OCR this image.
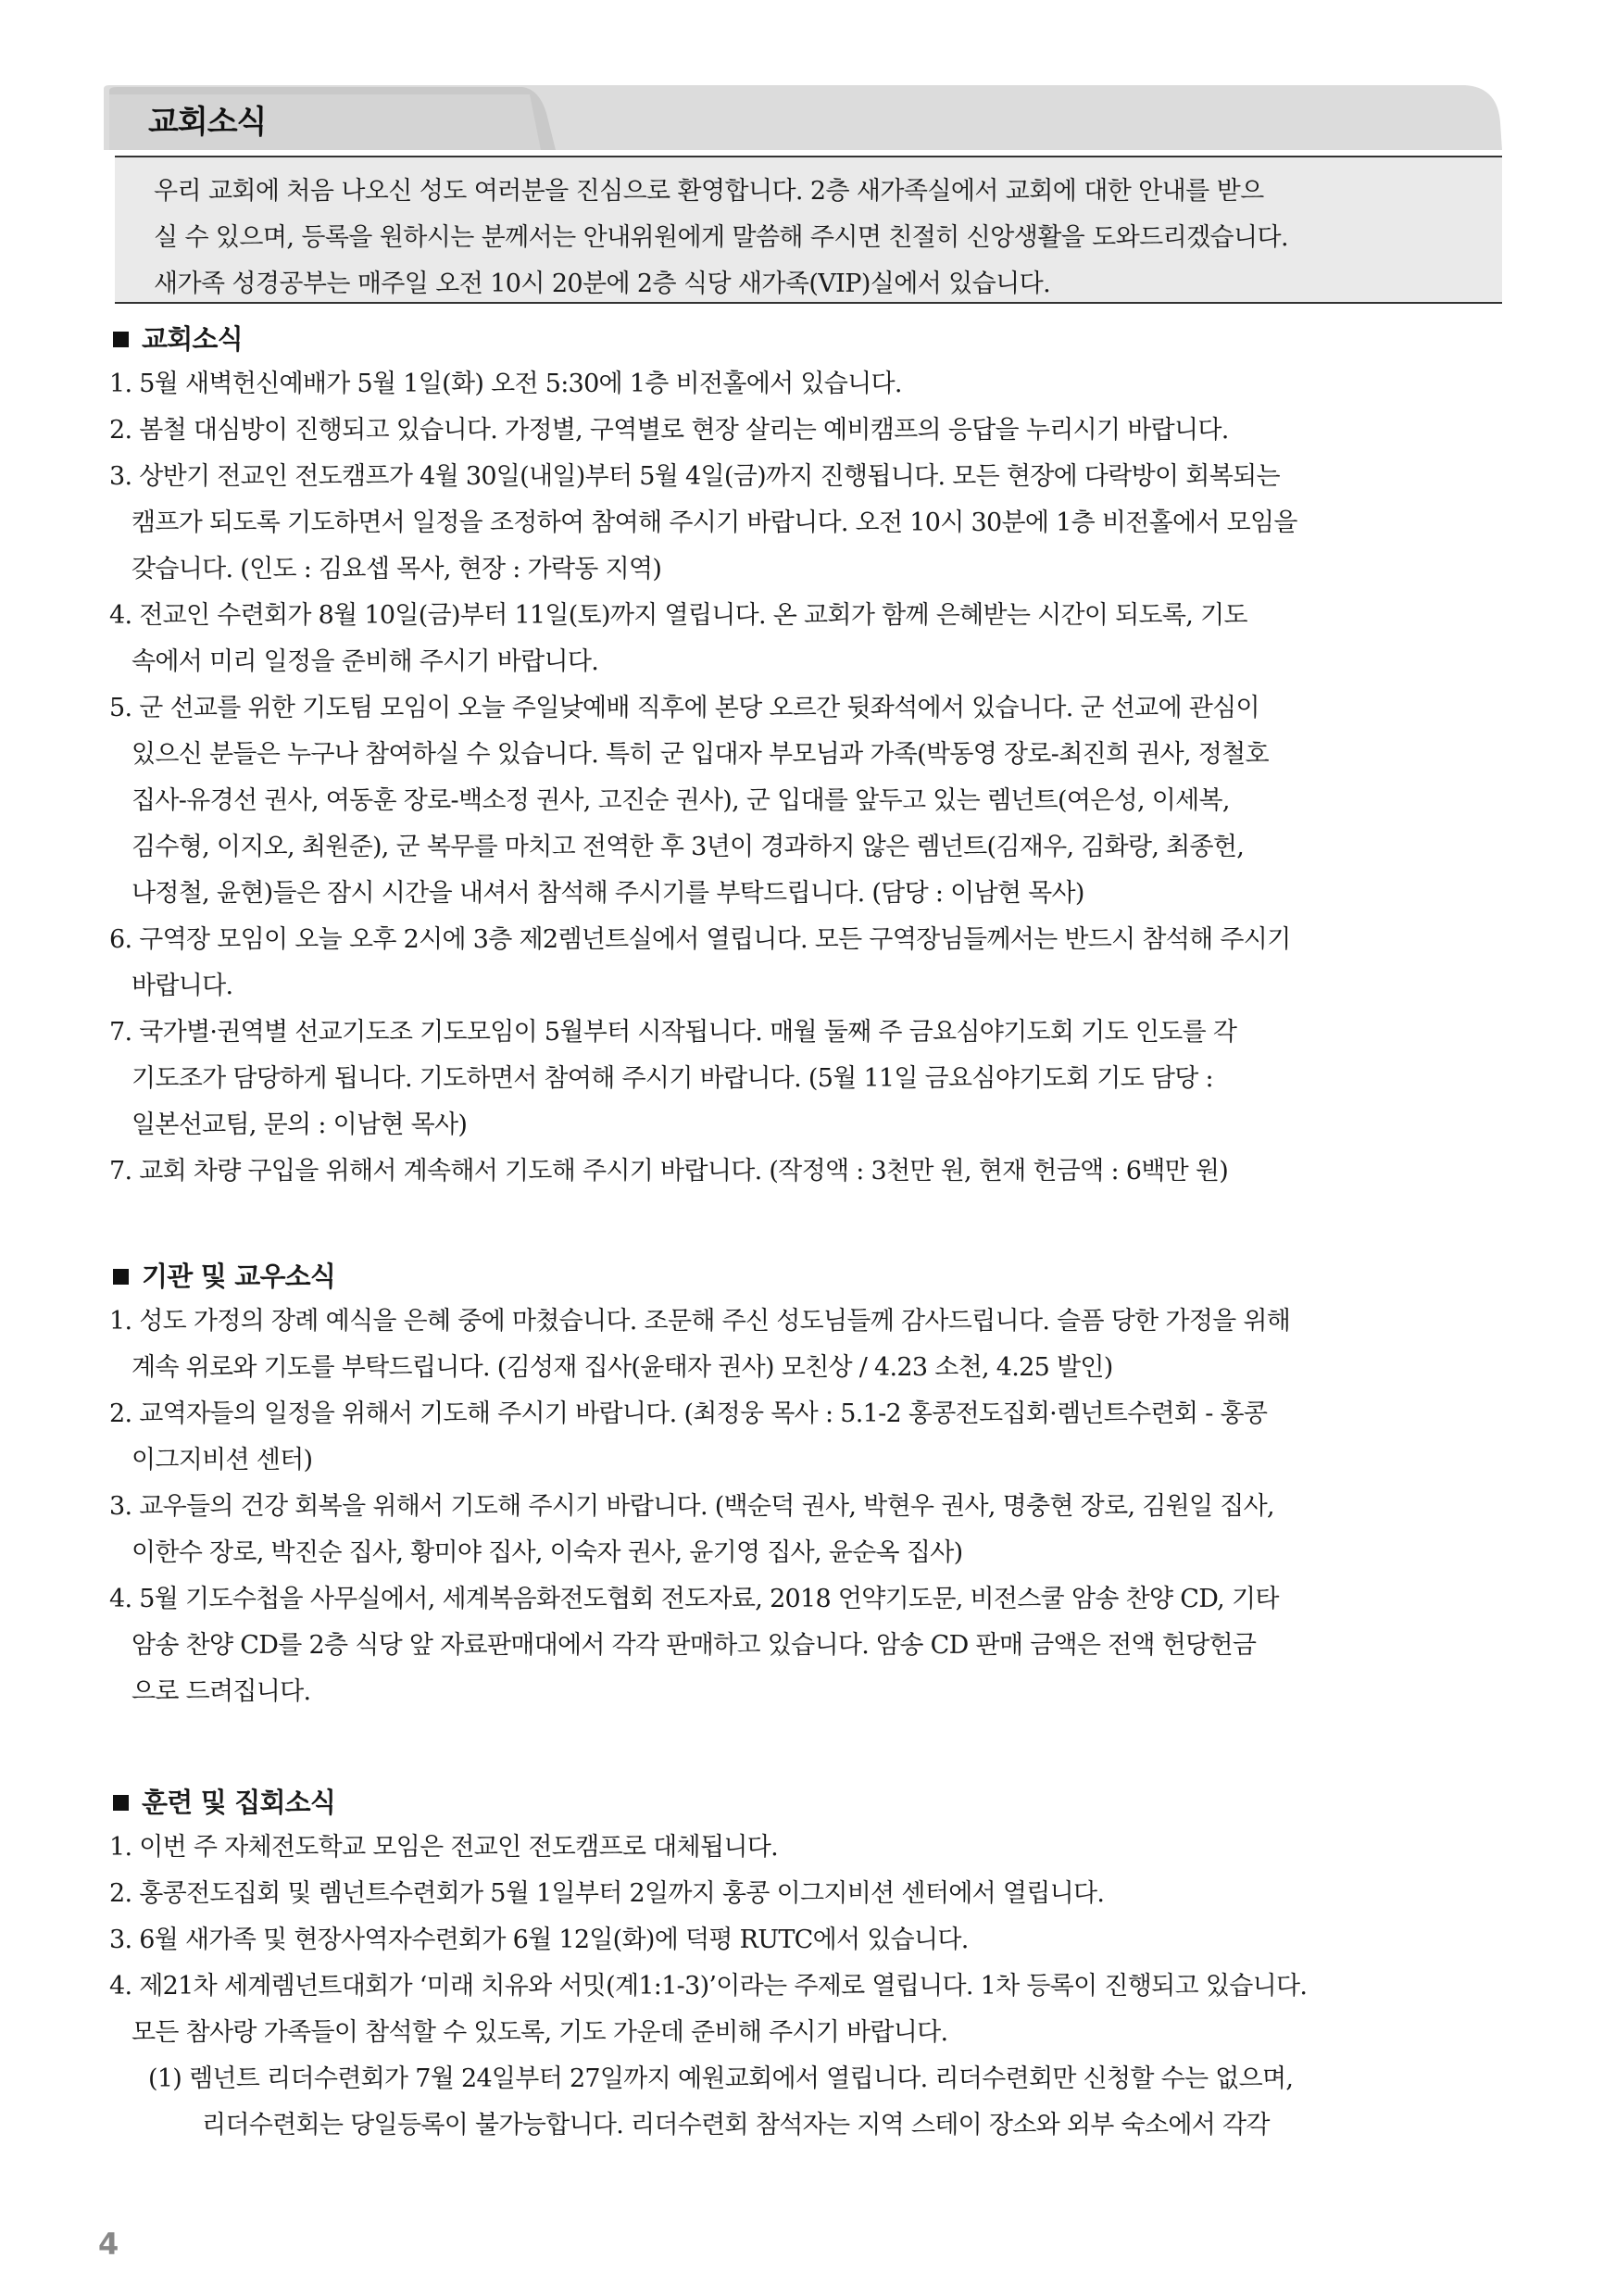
교회소식
우리 교회에 처음 나오신 성도 여러분을 진심으로 환영합니다. 2층 새가족실에서 교회에 대한 안내를 받으
실 수 있으며, 등록을 원하시는 분께서는 안내위원에게 말씀해 주시면 친절히 신앙생활을 도와드리겠습니다.
새가족 성경공부는 매주일 오전 10시 20분에 2층 식당 새가족(VIP)실에서 있습니다.
교회소식
1. 5월 새벽헌신예배가 5월 1일(화) 오전 5:30에 1층 비전홀에서 있습니다.
2. 봄철 대심방이 진행되고 있습니다. 가정별, 구역별로 현장 살리는 예비캠프의 응답을 누리시기 바랍니다.
3. 상반기 전교인 전도캠프가 4월 30일(내일)부터 5월 4일(금)까지 진행됩니다. 모든 현장에 다락방이 회복되는
캠프가 되도록 기도하면서 일정을 조정하여 참여해 주시기 바랍니다. 오전 10시 30분에 1층 비전홀에서 모임을
갖습니다. (인도 : 김요셉 목사, 현장 : 가락동 지역)
4. 전교인 수련회가 8월 10일(금)부터 11일(토)까지 열립니다. 온 교회가 함께 은혜받는 시간이 되도록, 기도
속에서 미리 일정을 준비해 주시기 바랍니다.
5. 군 선교를 위한 기도팀 모임이 오늘 주일낮예배 직후에 본당 오르간 뒷좌석에서 있습니다. 군 선교에 관심이
있으신 분들은 누구나 참여하실 수 있습니다. 특히 군 입대자 부모님과 가족(박동영 장로-최진희 권사, 정철호
집사-유경선 권사, 여동훈 장로-백소정 권사, 고진순 권사), 군 입대를 앞두고 있는 렘넌트(여은성, 이세복,
김수형, 이지오, 최원준), 군 복무를 마치고 전역한 후 3년이 경과하지 않은 렘넌트(김재우, 김화랑, 최종헌,
나정철, 윤현)들은 잠시 시간을 내셔서 참석해 주시기를 부탁드립니다. (담당 : 이남현 목사)
6. 구역장 모임이 오늘 오후 2시에 3층 제2렘넌트실에서 열립니다. 모든 구역장님들께서는 반드시 참석해 주시기
바랍니다.
7. 국가별·권역별 선교기도조 기도모임이 5월부터 시작됩니다. 매월 둘째 주 금요심야기도회 기도 인도를 각
기도조가 담당하게 됩니다. 기도하면서 참여해 주시기 바랍니다. (5월 11일 금요심야기도회 기도 담당 :
일본선교팀, 문의 : 이남현 목사)
7. 교회 차량 구입을 위해서 계속해서 기도해 주시기 바랍니다. (작정액 : 3천만 원, 현재 헌금액 : 6백만 원)
기관 및 교우소식
1. 성도 가정의 장례 예식을 은혜 중에 마쳤습니다. 조문해 주신 성도님들께 감사드립니다. 슬픔 당한 가정을 위해
계속 위로와 기도를 부탁드립니다. (김성재 집사(윤태자 권사) 모친상 / 4.23 소천, 4.25 발인)
2. 교역자들의 일정을 위해서 기도해 주시기 바랍니다. (최정웅 목사 : 5.1-2 홍콩전도집회·렘넌트수련회 - 홍콩
이그지비션 센터)
3. 교우들의 건강 회복을 위해서 기도해 주시기 바랍니다. (백순덕 권사, 박현우 권사, 명충현 장로, 김원일 집사,
이한수 장로, 박진순 집사, 황미야 집사, 이숙자 권사, 윤기영 집사, 윤순옥 집사)
4. 5월 기도수첩을 사무실에서, 세계복음화전도협회 전도자료, 2018 언약기도문, 비전스쿨 암송 찬양 CD, 기타
암송 찬양 CD를 2층 식당 앞 자료판매대에서 각각 판매하고 있습니다. 암송 CD 판매 금액은 전액 헌당헌금
으로 드려집니다.
훈련 및 집회소식
1. 이번 주 자체전도학교 모임은 전교인 전도캠프로 대체됩니다.
2. 홍콩전도집회 및 렘넌트수련회가 5월 1일부터 2일까지 홍콩 이그지비션 센터에서 열립니다.
3. 6월 새가족 및 현장사역자수련회가 6월 12일(화)에 덕평 RUTC에서 있습니다.
4. 제21차 세계렘넌트대회가 ‘미래 치유와 서밋(계1:1-3)’이라는 주제로 열립니다. 1차 등록이 진행되고 있습니다.
모든 참사랑 가족들이 참석할 수 있도록, 기도 가운데 준비해 주시기 바랍니다.
(1) 렘넌트 리더수련회가 7월 24일부터 27일까지 예원교회에서 열립니다. 리더수련회만 신청할 수는 없으며,
리더수련회는 당일등록이 불가능합니다. 리더수련회 참석자는 지역 스테이 장소와 외부 숙소에서 각각
4
